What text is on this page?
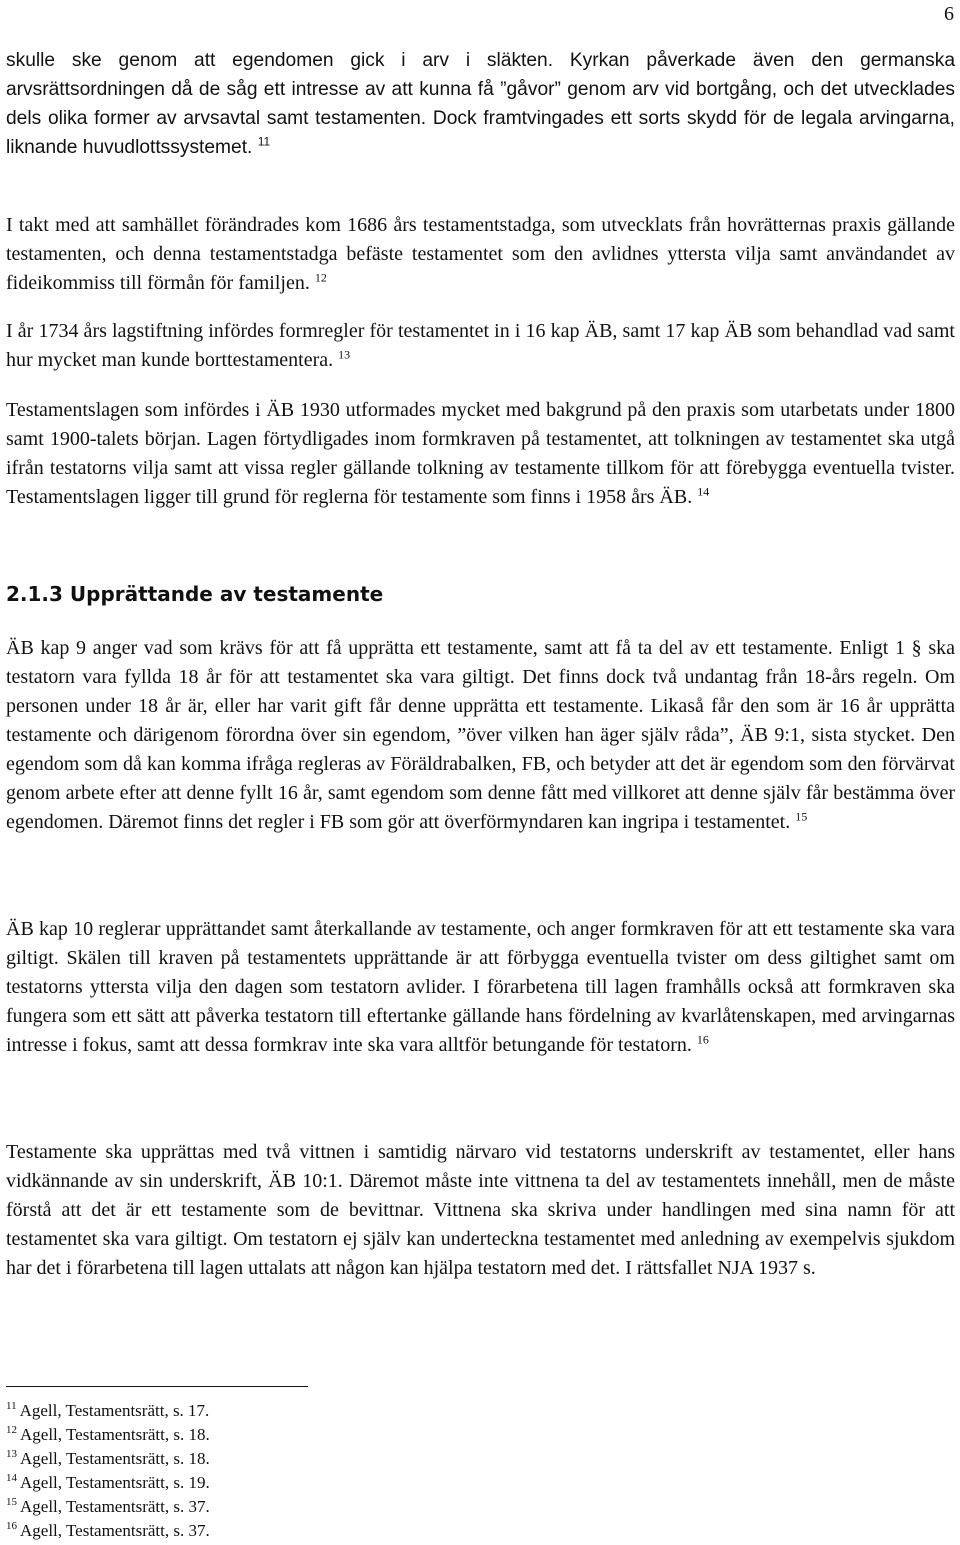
6

skulle ske genom att egendomen gick i arv i släkten. Kyrkan påverkade även den germanska arvsrättsordningen då de såg ett intresse av att kunna få ”gåvor” genom arv vid bortgång, och det utvecklades dels olika former av arvsavtal samt testamenten. Dock framtvingades ett sorts skydd för de legala arvingarna, liknande huvudlottssystemet. $^{11}$

I takt med att samhället förändrades kom 1686 års testamentstadga, som utvecklats från hovrätternas praxis gällande testamenten, och denna testamentstadga befäste testamentet som den avlidnes yttersta vilja samt användandet av fideikommiss till förmån för familjen. $^{12}$

I år 1734 års lagstiftning infördes formregler för testamentet in i 16 kap ÄB, samt 17 kap ÄB som behandlad vad samt hur mycket man kunde borttestamentera. $^{13}$

Testamentslagen som infördes i ÄB 1930 utformades mycket med bakgrund på den praxis som utarbetats under 1800 samt 1900-talets början. Lagen förtydligades inom formkraven på testamentet, att tolkningen av testamentet ska utgå ifrån testatorns vilja samt att vissa regler gällande tolkning av testamente tillkom för att förebygga eventuella tvister. Testamentslagen ligger till grund för reglerna för testamente som finns i 1958 års ÄB. $^{14}$

2.1.3 Upprättande av testamente

ÄB kap 9 anger vad som krävs för att få upprätta ett testamente, samt att få ta del av ett testamente. Enligt 1 § ska testatorn vara fyllda 18 år för att testamentet ska vara giltigt. Det finns dock två undantag från 18-års regeln. Om personen under 18 år är, eller har varit gift får denne upprätta ett testamente. Likaså får den som är 16 år upprätta testamente och därigenom förordna över sin egendom, ”över vilken han äger själv råda”, ÄB 9:1, sista stycket. Den egendom som då kan komma ifråga regleras av Föräldrabalken, FB, och betyder att det är egendom som den förvärvat genom arbete efter att denne fyllt 16 år, samt egendom som denne fått med villkoret att denne själv får bestämma över egendomen. Däremot finns det regler i FB som gör att överförmyndaren kan ingripa i testamentet. $^{15}$

ÄB kap 10 reglerar upprättandet samt återkallande av testamente, och anger formkraven för att ett testamente ska vara giltigt. Skälen till kraven på testamentets upprättande är att förbygga eventuella tvister om dess giltighet samt om testatorns yttersta vilja den dagen som testatorn avlider. I förarbetena till lagen framhålls också att formkraven ska fungera som ett sätt att påverka testatorn till eftertanke gällande hans fördelning av kvarlåtenskapen, med arvingarnas intresse i fokus, samt att dessa formkrav inte ska vara alltför betungande för testatorn. $^{16}$

Testamente ska upprättas med två vittnen i samtidig närvaro vid testatorns underskrift av testamentet, eller hans vidkännande av sin underskrift, ÄB 10:1. Däremot måste inte vittnena ta del av testamentets innehåll, men de måste förstå att det är ett testamente som de bevittnar. Vittnena ska skriva under handlingen med sina namn för att testamentet ska vara giltigt. Om testatorn ej själv kan underteckna testamentet med anledning av exempelvis sjukdom har det i förarbetena till lagen uttalats att någon kan hjälpa testatorn med det. I rättsfallet NJA 1937 s.

$^{11}$ Agell, Testamentsrätt, s. 17.
$^{12}$ Agell, Testamentsrätt, s. 18.
$^{13}$ Agell, Testamentsrätt, s. 18.
$^{14}$ Agell, Testamentsrätt, s. 19.
$^{15}$ Agell, Testamentsrätt, s. 37.
$^{16}$ Agell, Testamentsrätt, s. 37.
